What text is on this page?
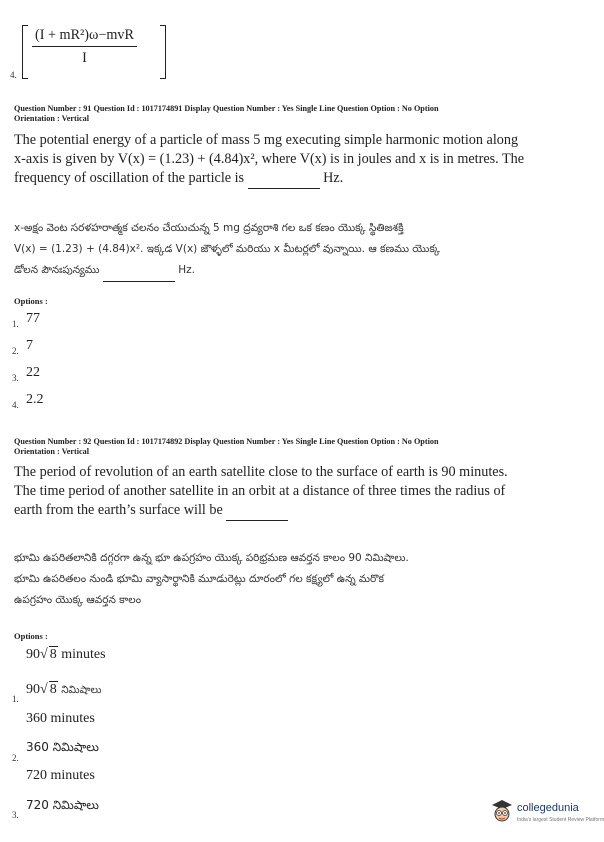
$\frac{\text{(I + mR²)ω−mvR}}{I}$
4.
Question Number : 91 Question Id : 1017174891 Display Question Number : Yes Single Line Question Option : No Option
Orientation : Vertical
The potential energy of a particle of mass 5 mg executing simple harmonic motion along
x-axis is given by V(x) = (1.23) + (4.84)x², where V(x) is in joules and x is in metres. The
frequency of oscillation of the particle is	Hz.
x-అక్షం వెంట సరళహరాత్మక చలనం చేయుచున్న 5 mg ద్రవ్యరాశి గల ఒక కణం యొక్క స్థితిజశక్తి
V(x) = (1.23) + (4.84)x². ఇక్కడ V(x) జౌళ్ళలో మరియు x మీటర్లలో వున్నాయి. ఆ కణము యొక్క
డోలన పౌనఃపున్యము	Hz.
Options :
1. 77
2. 7
3. 22
4. 2.2
Question Number : 92 Question Id : 1017174892 Display Question Number : Yes Single Line Question Option : No Option
Orientation : Vertical
The period of revolution of an earth satellite close to the surface of earth is 90 minutes.
The time period of another satellite in an orbit at a distance of three times the radius of
earth from the earth’s surface will be
భూమి ఉపరితలానికి దగ్గరగా ఉన్న భూ ఉపగ్రహం యొక్క పరిభ్రమణ ఆవర్తన కాలం 90 నిమిషాలు.
భూమి ఉపరితలం నుండి భూమి వ్యాసార్థానికి మూడురెట్లు దూరంలో గల కక్ష్యలో ఉన్న మరొక
ఉపగ్రహం యొక్క ఆవర్తన కాలం
Options :
90√ 8 minutes
1.
90√ 8 నిమిషాలు
360 minutes
2.
360 నిమిషాలు
720 minutes
3.
720 నిమిషాలు	collegedunia
India's largest Student Review Platform
